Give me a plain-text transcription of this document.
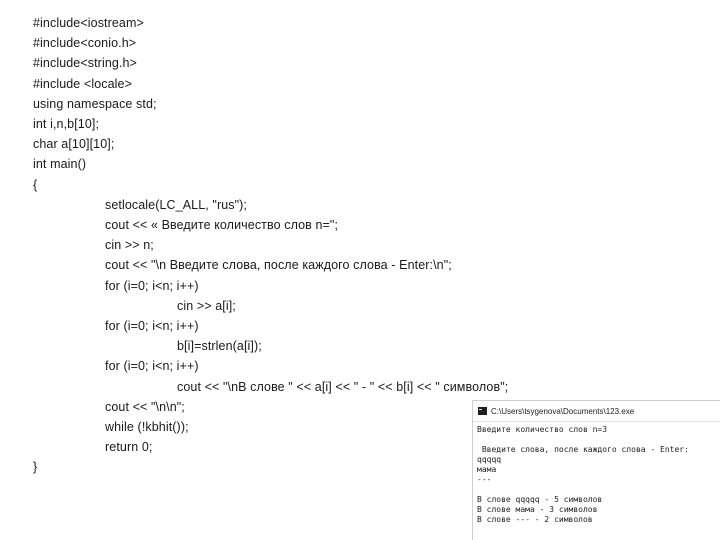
#include<iostream>
#include<conio.h>
#include<string.h>
#include <locale>
using namespace std;
int i,n,b[10];
char a[10][10];
int main()
{
setlocale(LC_ALL, "rus");
cout << « Введите количество слов n=";
cin >> n;
cout << "\n Введите слова, после каждого слова - Enter:\n";
for (i=0; i<n; i++)
cin >> a[i];
for (i=0; i<n; i++)
b[i]=strlen(a[i]);
for (i=0; i<n; i++)
cout << "\nВ слове " << a[i] << " - " << b[i] << " символов";
cout << "\n\n";
while (!kbhit());
return 0;
}
C:\Users\tsygenova\Documents\123.exe
Введите количество слов n=3
Введите слова, после каждого слова - Enter:
qqqqq
мама
---
В слове qqqqq - 5 символов
В слове мама - 3 символов
В слове --- - 2 символов
